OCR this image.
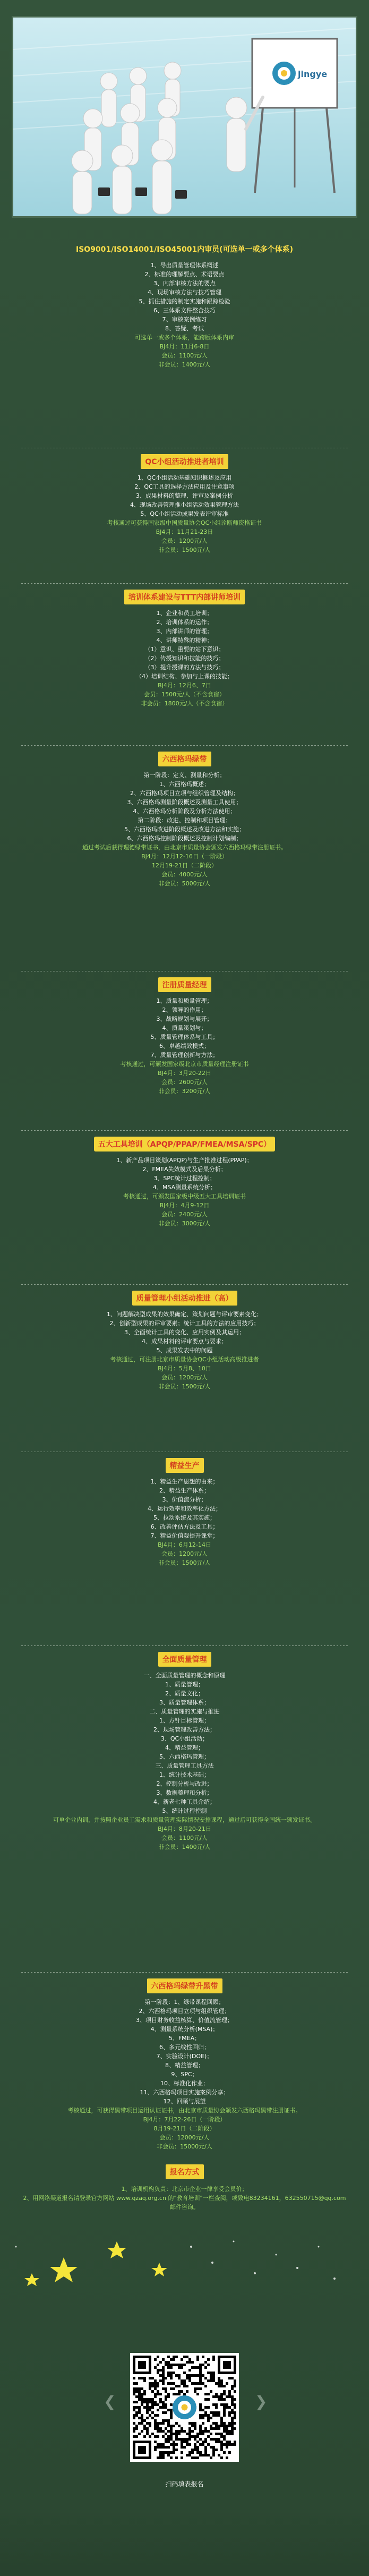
jingye
ISO9001/ISO14001/ISO45001内审员(可选单一或多个体系)
1、导出质量管理体系概述
2、标准的理解要点、术语要点
3、内部审核方法的要点
4、现场审核方法与技巧管理
5、抓住措施的制定实施和跟踪检验
6、三体系文件整合技巧
7、审核案例练习
8、答疑、考试
可选单一或多个体系，能跨版体系内审
BJ4月：11月6-8日
会员：1100元/人
非会员：1400元/人
QC小组活动推进者培训
1、QC小组活动基础知识概述及应用
2、QC工具的选择方法应用及注意事项
3、成果材料的整理、评审及案例分析
4、现场改善管理推小组活动效果管理方法
5、QC小组活动成果发表评审标准
考核通过可获得国家级中国质量协会QC小组诊断师资格证书
BJ4月：11月21-23日
会员：1200元/人
非会员：1500元/人
培训体系建设与TTT内部讲师培训
1、企业和员工培训；
2、培训体系的运作；
3、内部讲师的管理；
4、讲师特殊的精神；
（1）意识、重要的站下意识；
（2）传授知识和技能的技巧；
（3）提升授课的方法与技巧；
（4）培训结构、参加与上课的技能；
BJ4月：12月6、7日
会员：1500元/人（不含食宿）
非会员：1800元/人（不含食宿）
六西格玛绿带
第一阶段：定义、测量和分析；
1、六西格玛概述；
2、六西格玛项目立项与组织管理及结构；
3、六西格玛测量阶段概述及测量工具使用；
4、六西格玛分析阶段及分析方法使用；
第二阶段：改进、控制和项目管理；
5、六西格玛改进阶段概述及改进方法和实施；
6、六西格玛控制阶段概述及控制计划编制；
通过考试后获得理德绿带证书，由北京市质量协会颁发六西格玛绿带注册证书。
BJ4月：12月12-16日（一阶段）
12月19-21日（二阶段）
会员：4000元/人
非会员：5000元/人
注册质量经理
1、质量和质量管理；
2、领导的作用；
3、战略规划与展开；
4、质量策划与；
5、质量管理体系与工具；
6、卓越绩效模式；
7、质量管理创新与方法；
考核通过，可颁发国家级北京市质量经理注册证书
BJ4月：3月20-22日
会员：2600元/人
非会员：3200元/人
五大工具培训（APQP/PPAP/FMEA/MSA/SPC）
1、新产品项目策划(APQP)与生产批准过程(PPAP)；
2、FMEA失效模式及后果分析；
3、SPC统计过程控制；
4、MSA测量系统分析；
考核通过，可颁发国家级中级五大工具培训证书
BJ4月：4月9-12日
会员：2400元/人
非会员：3000元/人
质量管理小组活动推进（高）
1、问题解决型成果的效果确定、策划问题与评审要素变化；
2、创新型成果的评审要素；统计工具的方法的应用技巧；
3、全面统计工具的变化、应用实例及其运用；
4、成果材料的评审要点与要求；
5、成果发表中的问题
考核通过，可注册北京市质量协会QC小组活动高级推进者
BJ4月：5月8、10日
会员：1200元/人
非会员：1500元/人
精益生产
1、精益生产思想的由来；
2、精益生产体系；
3、价值流分析；
4、运行效率和效率化方法；
5、拉动系统及其实施；
6、改善评估方法及工具；
7、精益价值观提升课堂；
BJ4月：6月12-14日
会员：1200元/人
非会员：1500元/人
全面质量管理
一、全面质量管理的概念和原理
1、质量管理；
2、质量文化；
3、质量管理体系；
二、质量管理的实施与推进
1、方针目标管理；
2、现场管理改善方法；
3、QC小组活动；
4、精益管理；
5、六西格玛管理；
三、质量管理工具方法
1、统计技术基础；
2、控制分析与改进；
3、数据整理和分析；
4、新老七种工具介绍；
5、统计过程控制
可单企业内训，并按照企业员工需求和质量管理实际情况安排课程，通过后可获得全国统一颁发证书。
BJ4月：8月20-21日
会员：1100元/人
非会员：1400元/人
六西格玛绿带升黑带
第一阶段：1、绿带课程回顾；
2、六西格玛项目立项与组织管理；
3、项目财务收益核算、价值流管理；
4、测量系统分析(MSA)；
5、FMEA；
6、多元线性回归；
7、实验设计(DOE)；
8、精益管理；
9、SPC；
10、标准化作业；
11、六西格玛项目实施案例分享；
12、回顾与展望
考核通过，可获得黑带项目运用认证证书，由北京市质量协会颁发六西格玛黑带注册证书。
BJ4月：7月22-26日（一阶段）
8月19-21日（二阶段）
会员：12000元/人
非会员：15000元/人
报名方式
1、培训机构负责：北京市企业一律享受会员价；
2、用网络渠道报名请登录官方网站 www.qzaq.org.cn 的"教育培训"一栏查阅，或致电83234161，632550715@qq.com邮件咨询。
❮	❯
扫码填表报名
